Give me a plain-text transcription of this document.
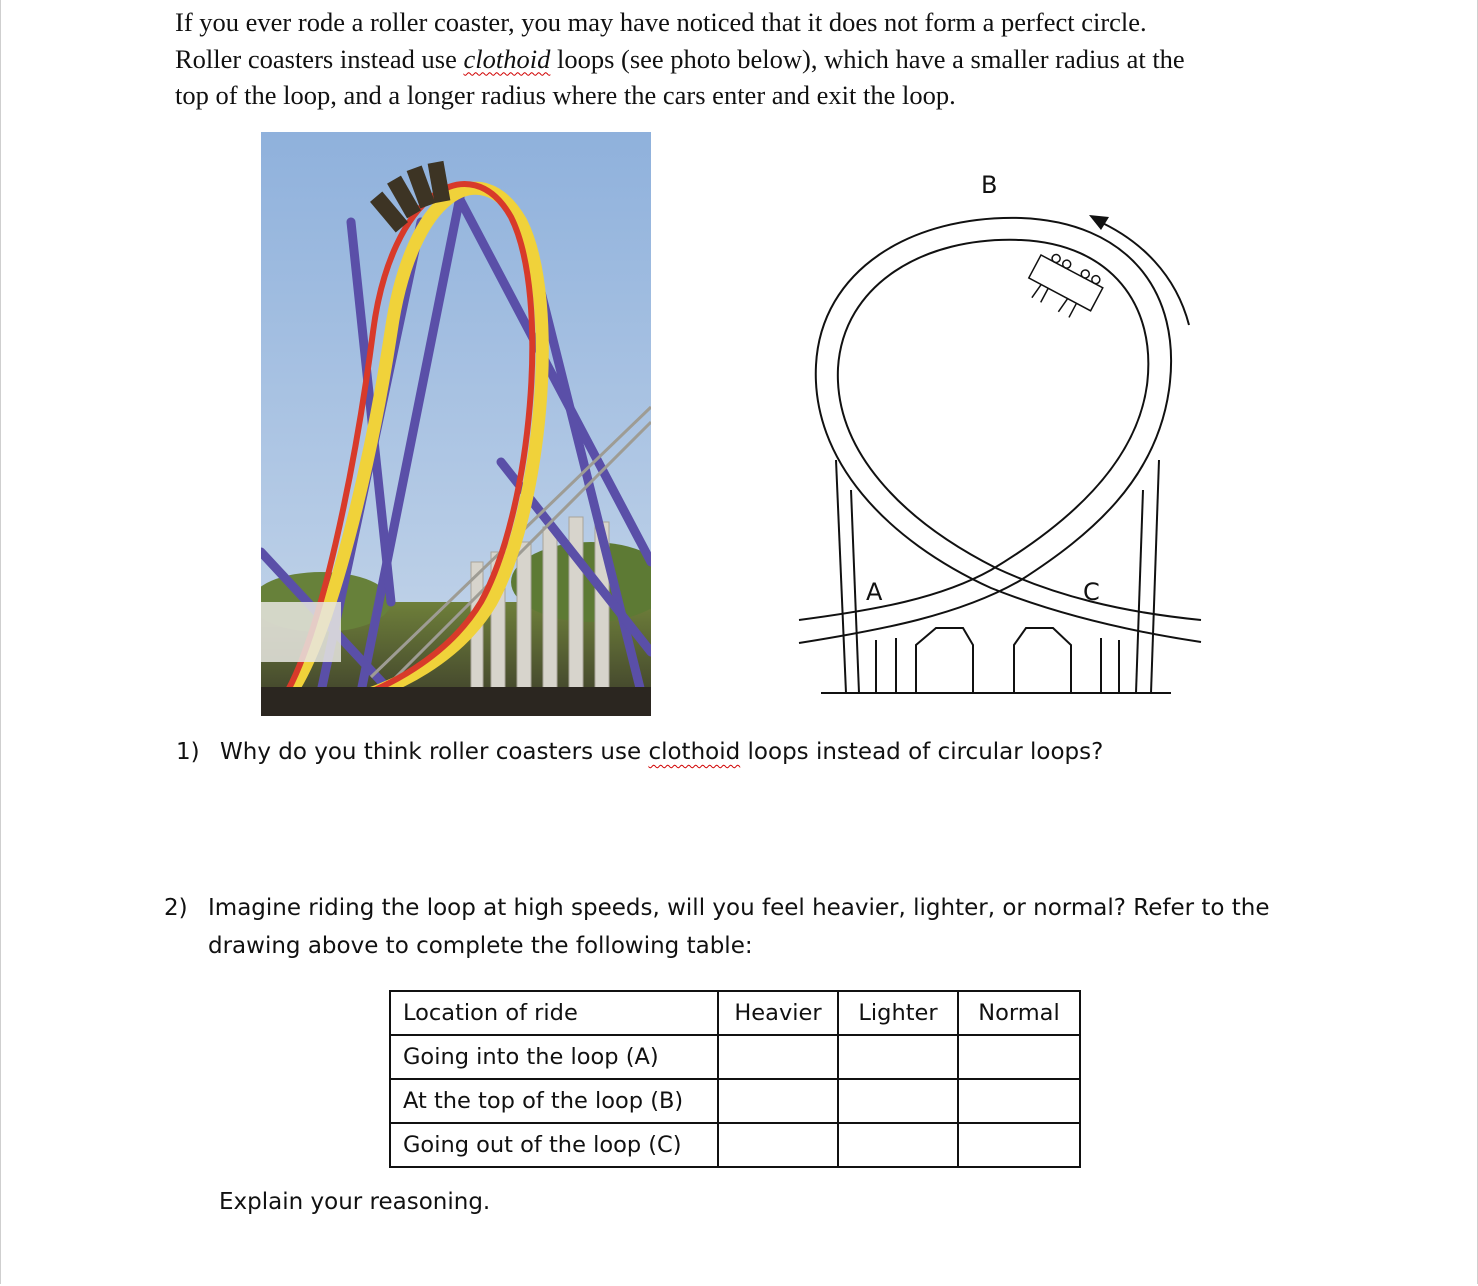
If you ever rode a roller coaster, you may have noticed that it does not form a perfect circle.
Roller coasters instead use clothoid loops (see photo below), which have a smaller radius at the
top of the loop, and a longer radius where the cars enter and exit the loop.
B
A	C
1) Why do you think roller coasters use clothoid loops instead of circular loops?
2) Imagine riding the loop at high speeds, will you feel heavier, lighter, or normal? Refer to the
drawing above to complete the following table:
Location of ride	Heavier	Lighter	Normal
Going into the loop (A)			
At the top of the loop (B)			
Going out of the loop (C)			
Explain your reasoning.
